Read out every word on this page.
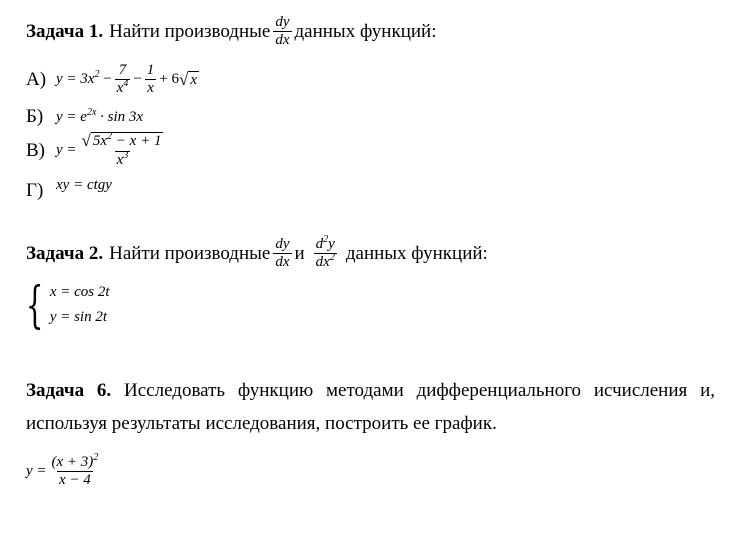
Задача 1. Найти производные $\frac{dy}{dx}$ данных функций:
А) $y = 3x^2 - \frac{7}{x^4} - \frac{1}{x} + 6$ √ x
Б) $y = e^{2x} \cdot \sin 3x$
В) $y = \frac{√ 5x^2 - x + 1}{x^3}$
Г) xy = ctgy
Задача 2. Найти производные $\frac{dy}{dx}$ и $\frac{d^2y}{dx^2}$ данных функций:
{ x = cos 2t
y = sin 2t
Задача 6. Исследовать функцию методами дифференциального исчисления и, используя результаты исследования, построить ее график.
$y = \frac{(x + 3)^2}{x - 4}$
